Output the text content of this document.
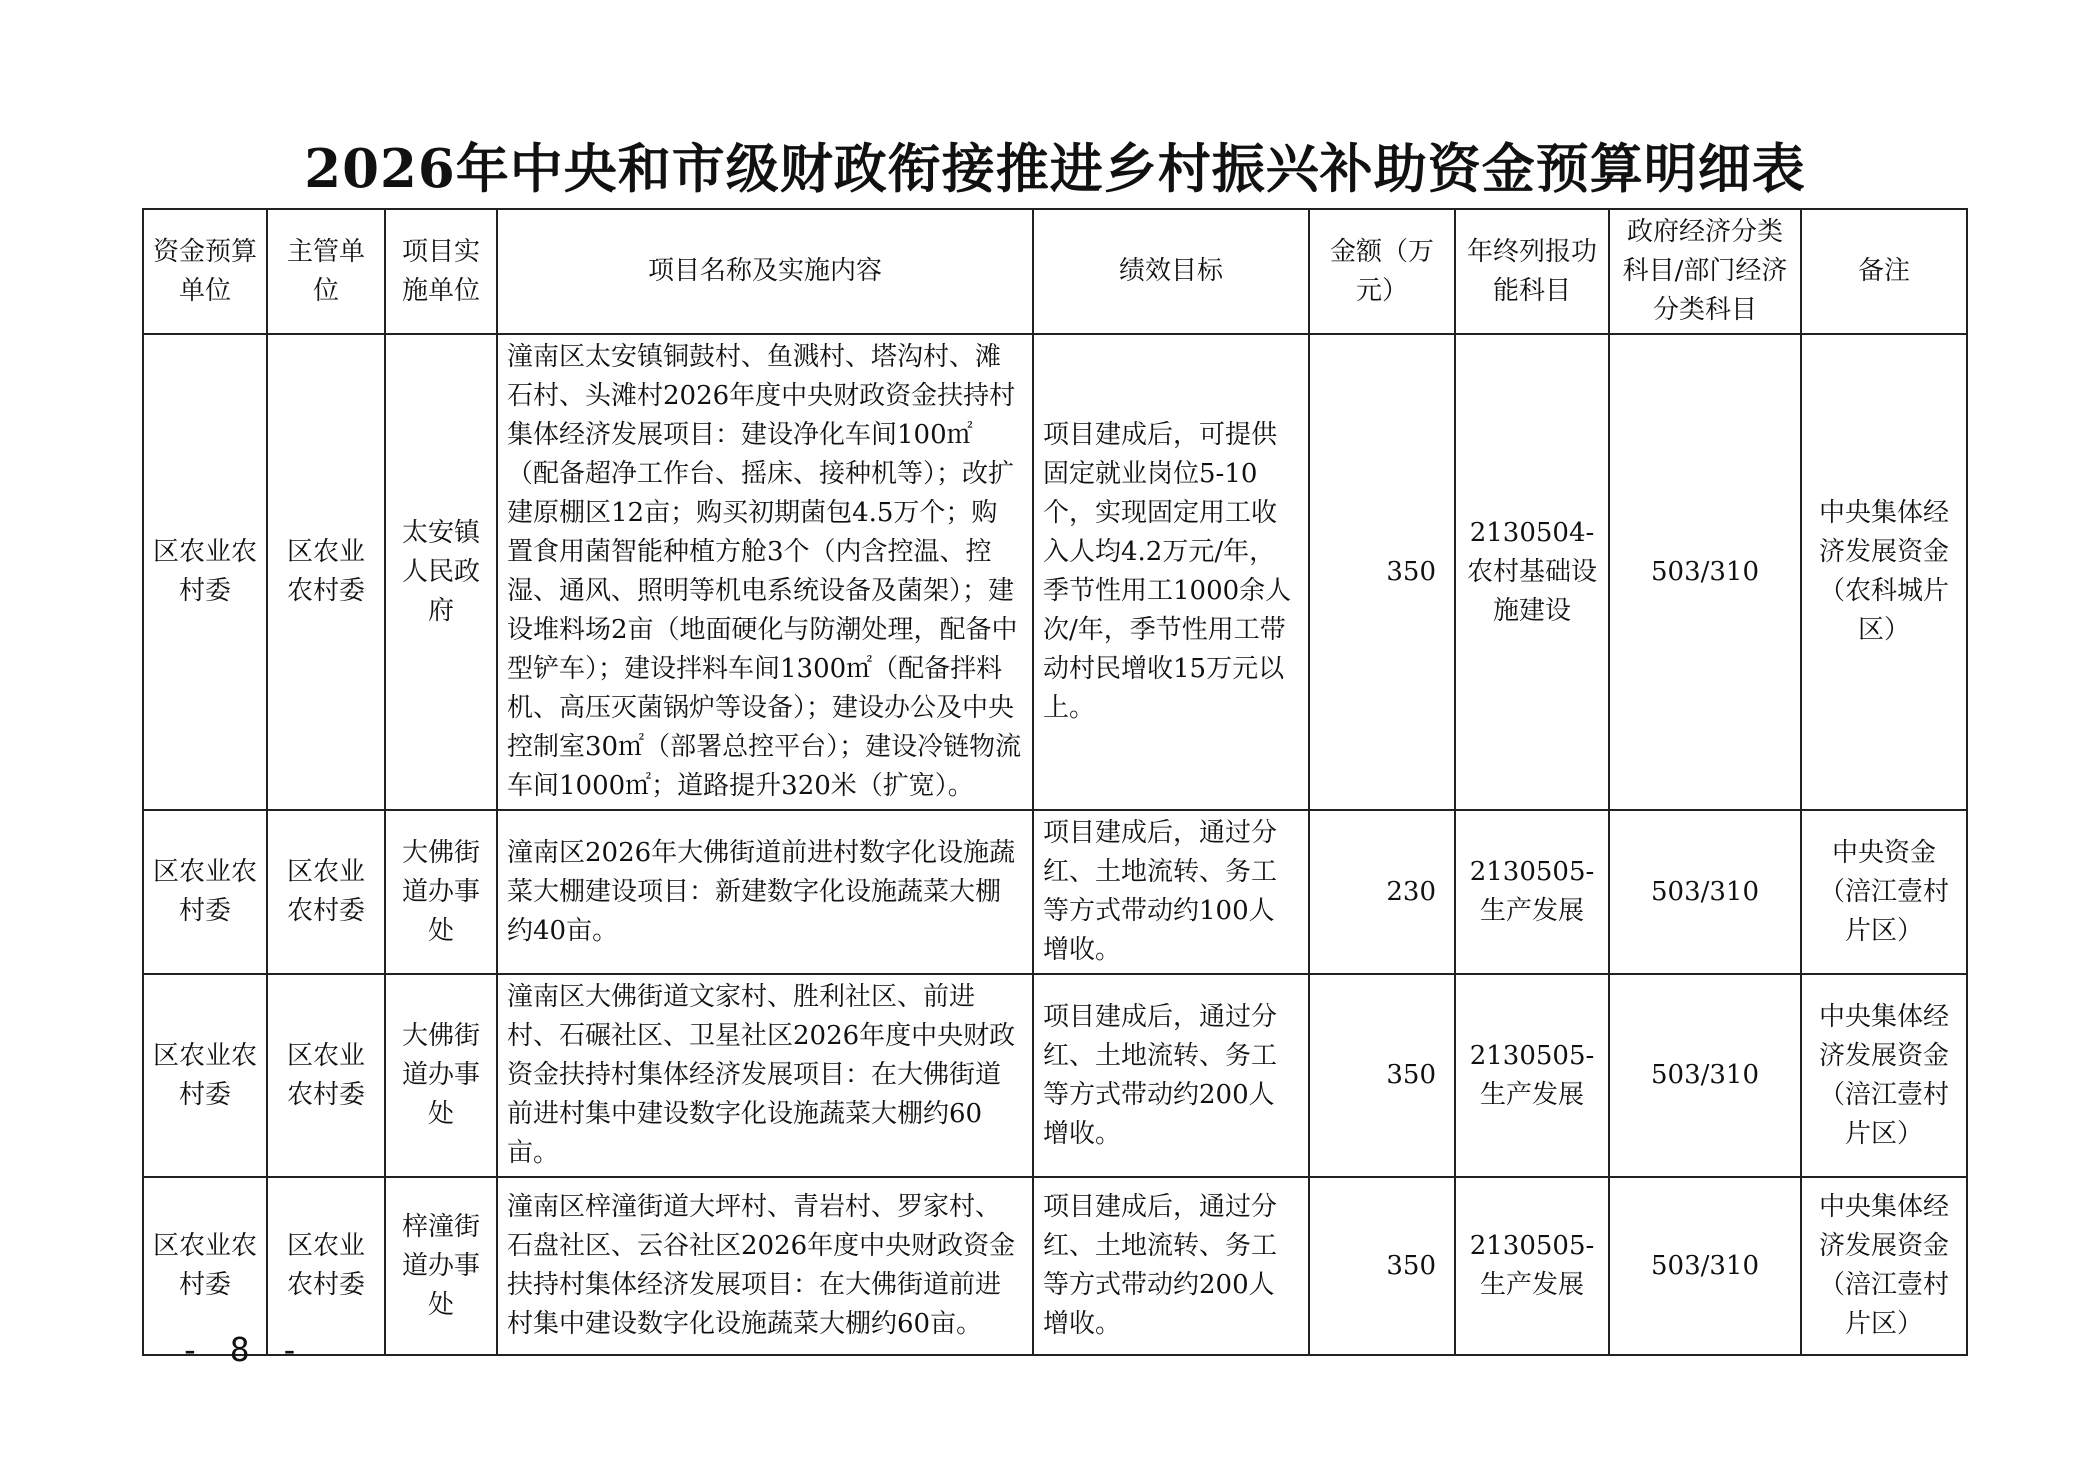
2026年中央和市级财政衔接推进乡村振兴补助资金预算明细表
资金预算单位	主管单位	项目实施单位	项目名称及实施内容	绩效目标	金额（万元）	年终列报功能科目	政府经济分类科目/部门经济分类科目	备注
区农业农村委	区农业农村委	太安镇人民政府	潼南区太安镇铜鼓村、鱼溅村、塔沟村、滩石村、头滩村2026年度中央财政资金扶持村集体经济发展项目：建设净化车间100㎡（配备超净工作台、摇床、接种机等）；改扩建原棚区12亩；购买初期菌包4.5万个；购置食用菌智能种植方舱3个（内含控温、控湿、通风、照明等机电系统设备及菌架）；建设堆料场2亩（地面硬化与防潮处理，配备中型铲车）；建设拌料车间1300㎡（配备拌料机、高压灭菌锅炉等设备）；建设办公及中央控制室30㎡（部署总控平台）；建设冷链物流车间1000㎡；道路提升320米（扩宽）。	项目建成后，可提供固定就业岗位5-10个，实现固定用工收入人均4.2万元/年，季节性用工1000余人次/年，季节性用工带动村民增收15万元以上。	350	2130504-农村基础设施建设	503/310	中央集体经济发展资金（农科城片区）
区农业农村委	区农业农村委	大佛街道办事处	潼南区2026年大佛街道前进村数字化设施蔬菜大棚建设项目：新建数字化设施蔬菜大棚约40亩。	项目建成后，通过分红、土地流转、务工等方式带动约100人增收。	230	2130505-生产发展	503/310	中央资金（涪江壹村片区）
区农业农村委	区农业农村委	大佛街道办事处	潼南区大佛街道文家村、胜利社区、前进村、石碾社区、卫星社区2026年度中央财政资金扶持村集体经济发展项目：在大佛街道前进村集中建设数字化设施蔬菜大棚约60亩。	项目建成后，通过分红、土地流转、务工等方式带动约200人增收。	350	2130505-生产发展	503/310	中央集体经济发展资金（涪江壹村片区）
区农业农村委	区农业农村委	梓潼街道办事处	潼南区梓潼街道大坪村、青岩村、罗家村、石盘社区、云谷社区2026年度中央财政资金扶持村集体经济发展项目：在大佛街道前进村集中建设数字化设施蔬菜大棚约60亩。	项目建成后，通过分红、土地流转、务工等方式带动约200人增收。	350	2130505-生产发展	503/310	中央集体经济发展资金（涪江壹村片区）
- 8 -
